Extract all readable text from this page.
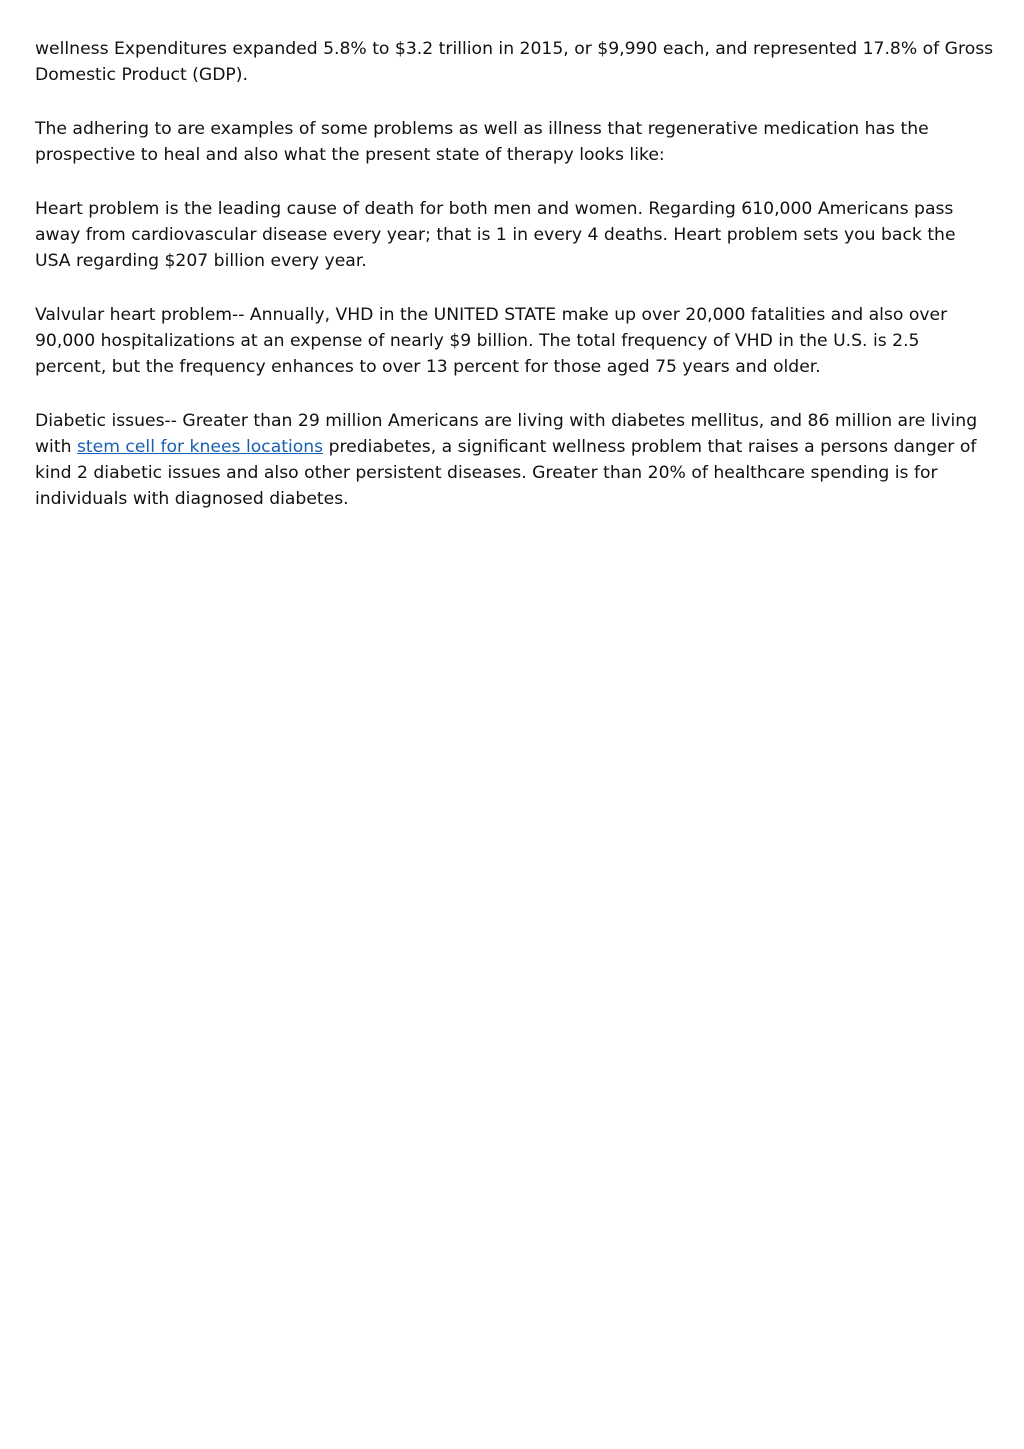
wellness Expenditures expanded 5.8% to $3.2 trillion in 2015, or $9,990 each, and represented 17.8% of Gross Domestic Product (GDP).

The adhering to are examples of some problems as well as illness that regenerative medication has the prospective to heal and also what the present state of therapy looks like:

Heart problem is the leading cause of death for both men and women. Regarding 610,000 Americans pass away from cardiovascular disease every year; that is 1 in every 4 deaths. Heart problem sets you back the USA regarding $207 billion every year.

Valvular heart problem-- Annually, VHD in the UNITED STATE make up over 20,000 fatalities and also over 90,000 hospitalizations at an expense of nearly $9 billion. The total frequency of VHD in the U.S. is 2.5 percent, but the frequency enhances to over 13 percent for those aged 75 years and older.

Diabetic issues-- Greater than 29 million Americans are living with diabetes mellitus, and 86 million are living with stem cell for knees locations prediabetes, a significant wellness problem that raises a persons danger of kind 2 diabetic issues and also other persistent diseases. Greater than 20% of healthcare spending is for individuals with diagnosed diabetes.
